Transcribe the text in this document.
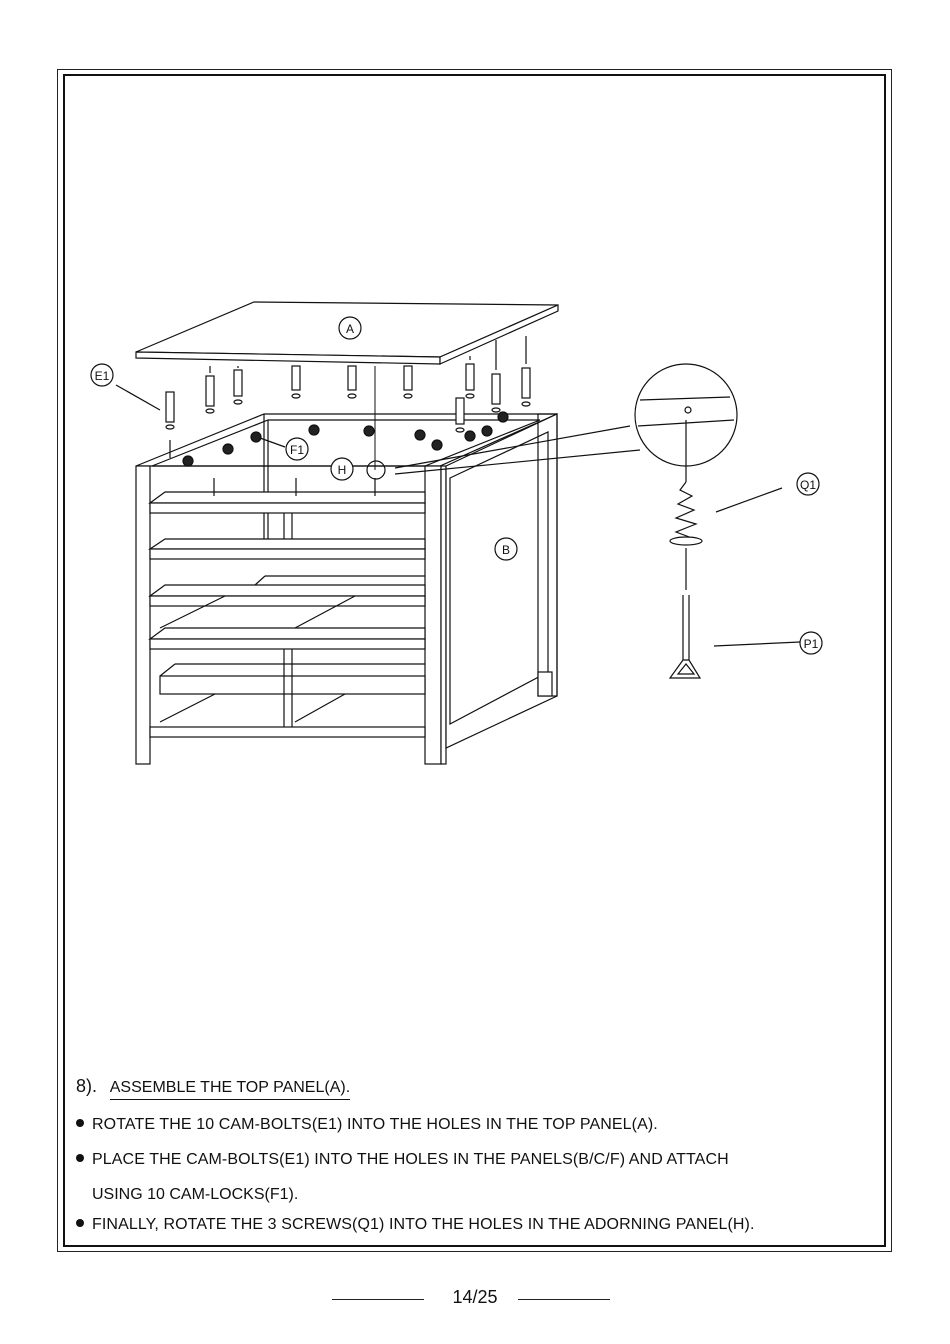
A
E1
F1
H
B
Q1
P1
8). ASSEMBLE THE TOP PANEL(A).
ROTATE THE 10 CAM-BOLTS(E1) INTO THE HOLES IN THE TOP PANEL(A).
PLACE THE CAM-BOLTS(E1) INTO THE HOLES IN THE PANELS(B/C/F) AND ATTACH
USING 10 CAM-LOCKS(F1).
FINALLY, ROTATE THE 3 SCREWS(Q1) INTO THE HOLES IN THE ADORNING PANEL(H).
14/25
